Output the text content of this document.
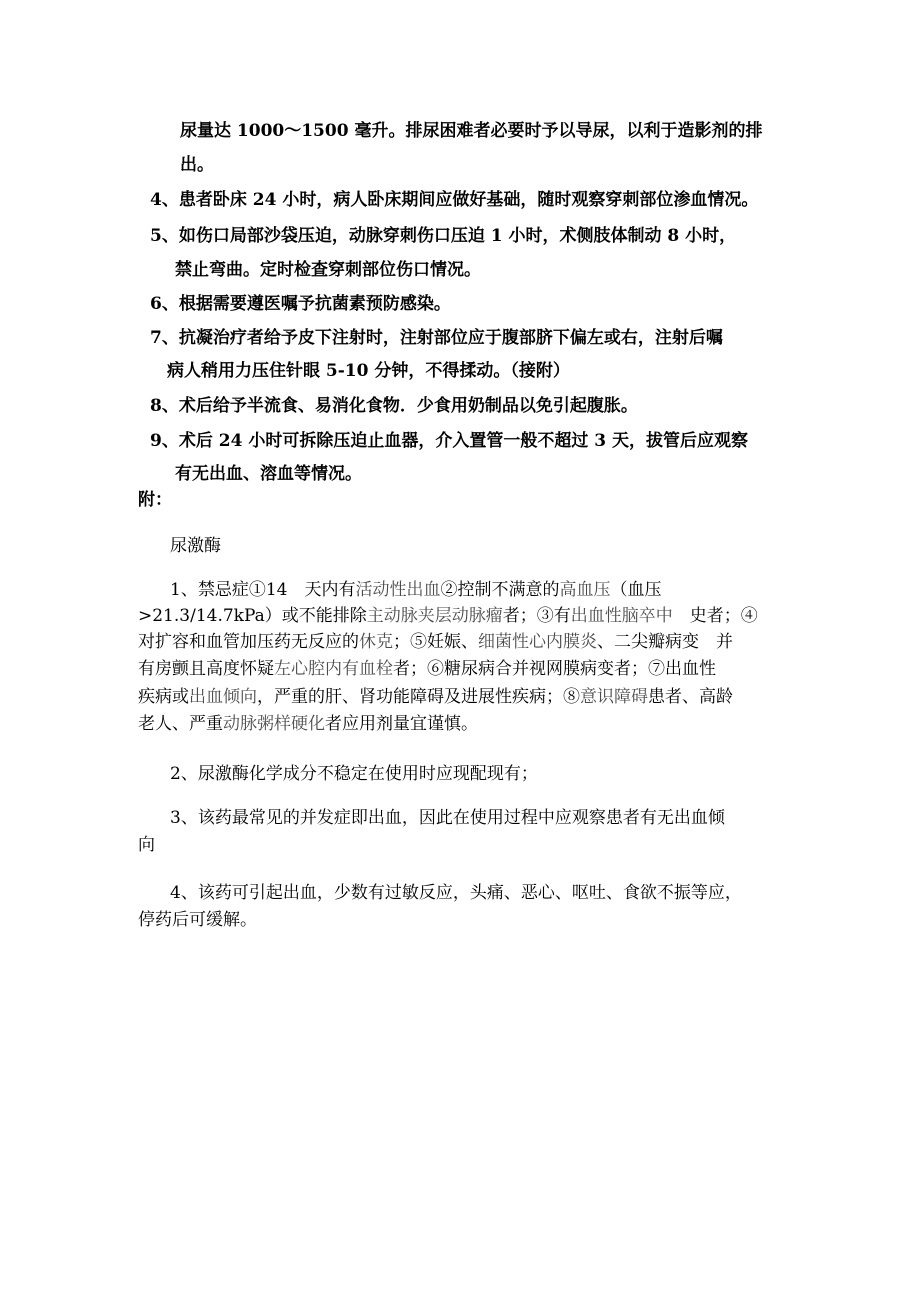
尿量达 1000～1500 毫升。排尿困难者必要时予以导尿，以利于造影剂的排
出。
4、患者卧床 24 小时，病人卧床期间应做好基础，随时观察穿刺部位渗血情况。
5、如伤口局部沙袋压迫，动脉穿刺伤口压迫 1 小时，术侧肢体制动 8 小时，
禁止弯曲。定时检查穿刺部位伤口情况。
6、根据需要遵医嘱予抗菌素预防感染。
7、抗凝治疗者给予皮下注射时，注射部位应于腹部脐下偏左或右，注射后嘱
病人稍用力压住针眼 5-10 分钟，不得揉动。（接附）
8、术后给予半流食、易消化食物．少食用奶制品以免引起腹胀。
9、术后 24 小时可拆除压迫止血器，介入置管一般不超过 3 天，拔管后应观察
有无出血、溶血等情况。
附：
尿激酶
1、禁忌症①14　天内有活动性出血②控制不满意的高血压（血压
>21.3/14.7kPa）或不能排除主动脉夹层动脉瘤者；③有出血性脑卒中　史者；④
对扩容和血管加压药无反应的休克；⑤妊娠、细菌性心内膜炎、二尖瓣病变　并
有房颤且高度怀疑左心腔内有血栓者；⑥糖尿病合并视网膜病变者；⑦出血性
疾病或出血倾向，严重的肝、肾功能障碍及进展性疾病；⑧意识障碍患者、高龄
老人、严重动脉粥样硬化者应用剂量宜谨慎。
2、尿激酶化学成分不稳定在使用时应现配现有；
3、该药最常见的并发症即出血，因此在使用过程中应观察患者有无出血倾
向
4、该药可引起出血，少数有过敏反应，头痛、恶心、呕吐、食欲不振等应，
停药后可缓解。
